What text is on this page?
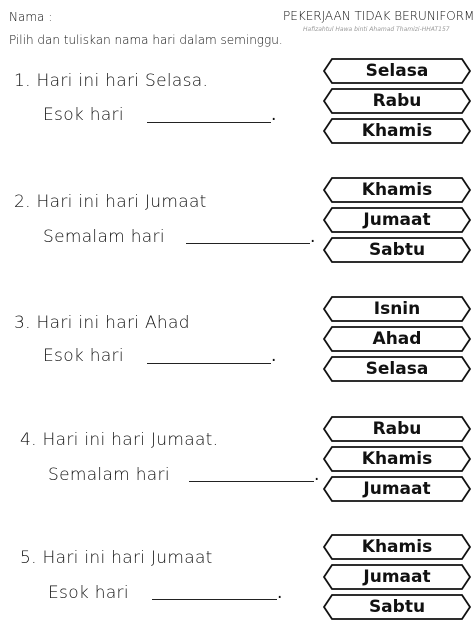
Nama :	PEKERJAAN TIDAK BERUNIFORM
Pilih dan tuliskan nama hari dalam seminggu.
Hafizahtul Hawa binti Ahamad Thamizi-HHAT157
1. Hari ini hari Selasa.
Esok hari	.
Selasa
Rabu
Khamis
2. Hari ini hari Jumaat
Semalam hari	.
Khamis
Jumaat
Sabtu
3. Hari ini hari Ahad
Esok hari	.
Isnin
Ahad
Selasa
4. Hari ini hari Jumaat.
Semalam hari	.
Rabu
Khamis
Jumaat
5. Hari ini hari Jumaat
Esok hari	.
Khamis
Jumaat
Sabtu
